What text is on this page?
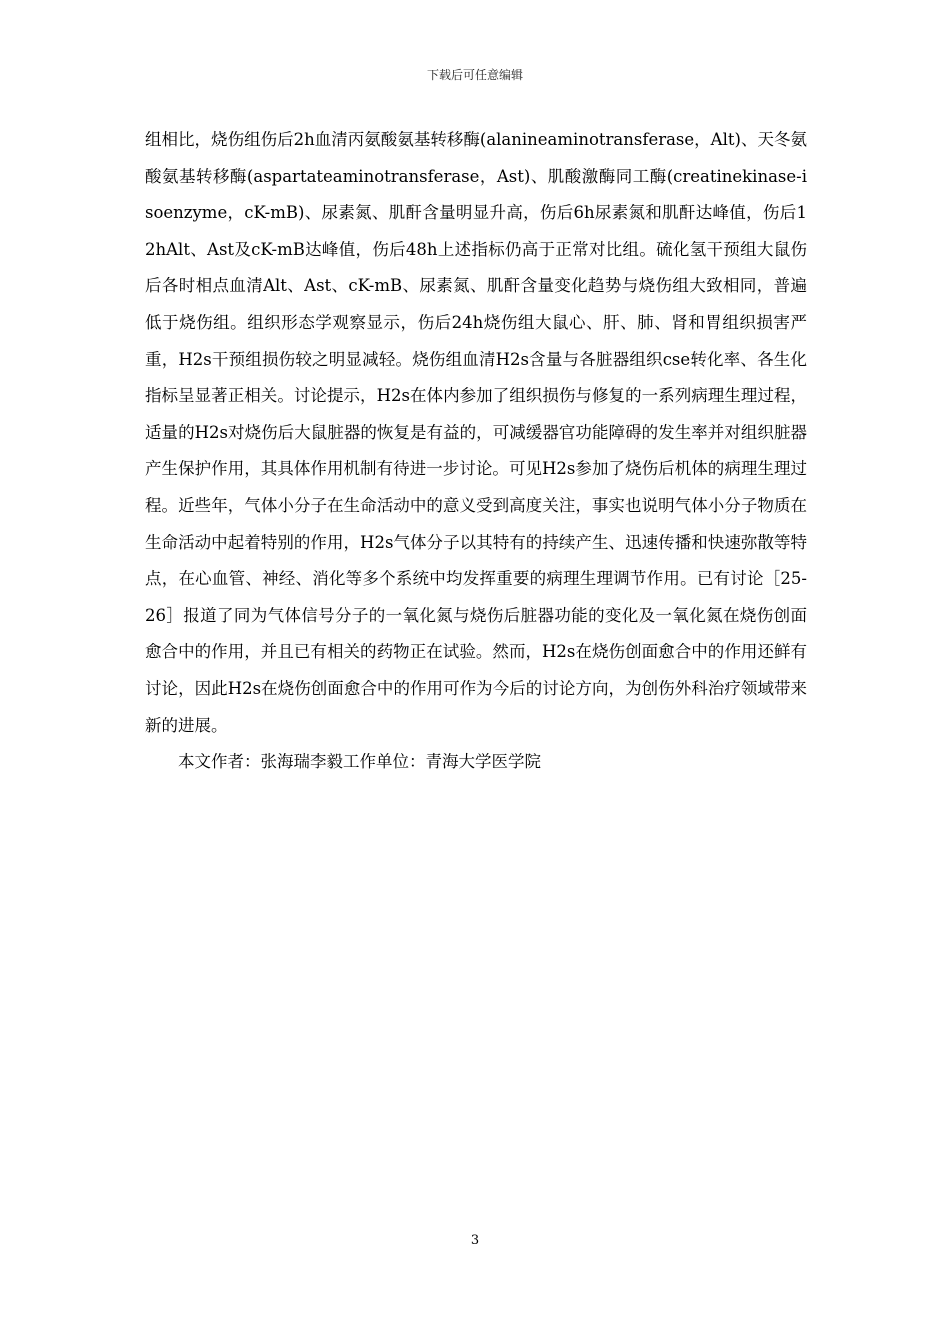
下载后可任意编辑

组相比，烧伤组伤后2h血清丙氨酸氨基转移酶(alanineaminotransferase，Alt)、天冬氨酸氨基转移酶(aspartateaminotransferase，Ast)、肌酸激酶同工酶(creatinekinase-isoenzyme，cK-mB)、尿素氮、肌酐含量明显升高，伤后6h尿素氮和肌酐达峰值，伤后12hAlt、Ast及cK-mB达峰值，伤后48h上述指标仍高于正常对比组。硫化氢干预组大鼠伤后各时相点血清Alt、Ast、cK-mB、尿素氮、肌酐含量变化趋势与烧伤组大致相同，普遍低于烧伤组。组织形态学观察显示，伤后24h烧伤组大鼠心、肝、肺、肾和胃组织损害严重，H2s干预组损伤较之明显减轻。烧伤组血清H2s含量与各脏器组织cse转化率、各生化指标呈显著正相关。讨论提示，H2s在体内参加了组织损伤与修复的一系列病理生理过程，适量的H2s对烧伤后大鼠脏器的恢复是有益的，可减缓器官功能障碍的发生率并对组织脏器产生保护作用，其具体作用机制有待进一步讨论。可见H2s参加了烧伤后机体的病理生理过程。近些年，气体小分子在生命活动中的意义受到高度关注，事实也说明气体小分子物质在生命活动中起着特别的作用，H2s气体分子以其特有的持续产生、迅速传播和快速弥散等特点，在心血管、神经、消化等多个系统中均发挥重要的病理生理调节作用。已有讨论［25-26］报道了同为气体信号分子的一氧化氮与烧伤后脏器功能的变化及一氧化氮在烧伤创面愈合中的作用，并且已有相关的药物正在试验。然而，H2s在烧伤创面愈合中的作用还鲜有讨论，因此H2s在烧伤创面愈合中的作用可作为今后的讨论方向，为创伤外科治疗领域带来新的进展。

本文作者：张海瑞李毅工作单位：青海大学医学院

3
